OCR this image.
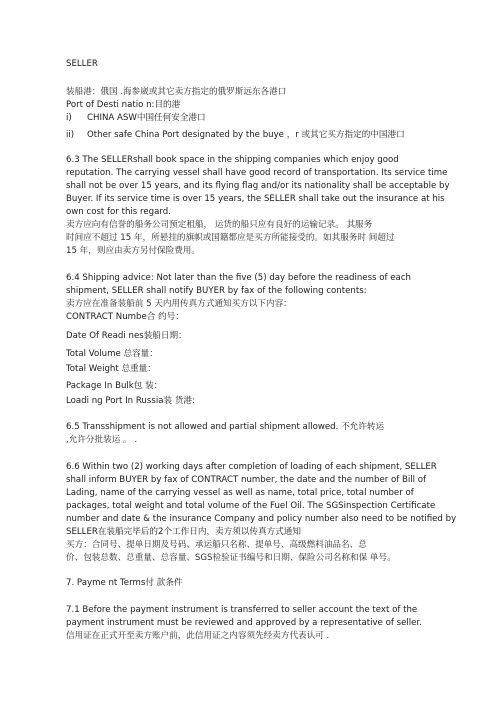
SELLER
装船港：俄国 .海参崴或其它卖方指定的俄罗斯远东各港口
Port of Desti natio n:目的港
i) CHINA ASW中国任何安全港口
ii) Other safe China Port designated by the buye ，r 或其它买方指定的中国港口
6.3 The SELLERshall book space in the shipping companies which enjoy good
reputation. The carrying vessel shall have good record of transportation. Its service time
shall not be over 15 years, and its flying flag and/or its nationality shall be acceptable by
Buyer. If its service time is over 15 years, the SELLER shall take out the insurance at his
own cost for this regard.
卖方应向有信誉的船务公司预定租船， 运货的船只应有良好的运输记录。 其服务
时间应不超过 15 年，所悬挂的旗帜或国籍都应是买方所能接受的。如其服务时 间超过
15 年，则应由卖方另付保险费用。
6.4 Shipping advice: Not later than the five (5) day before the readiness of each
shipment, SELLER shall notify BUYER by fax of the following contents:
卖方应在准备装船前 5 天内用传真方式通知买方以下内容：
CONTRACT Numbe合 约号：
Date Of Readi nes装船日期：
Total Volume 总容量：
Total Weight 总重量：
Package In Bulk包 装：
Loadi ng Port In Russia装 货港:
6.5 Transshipment is not allowed and partial shipment allowed. 不允许转运
,允许分批装运 。 .
6.6 Within two (2) working days after completion of loading of each shipment, SELLER
shall inform BUYER by fax of CONTRACT number, the date and the number of Bill of
Lading, name of the carrying vessel as well as name, total price, total number of
packages, total weight and total volume of the Fuel Oil. The SGSinspection Certificate
number and date & the insurance Company and policy number also need to be notified by
SELLER在装船完毕后的2个工作日内，卖方须以传真方式通知
买方：合同号、提单日期及号码、承运船只名称、提单号、高级燃料油品名、总
价、包装总数、总重量、总容量、SGS检验证书编号和日期、保险公司名称和保 单号。
7. Payme nt Terms付 款条件
7.1 Before the payment instrument is transferred to seller account the text of the
payment instrument must be reviewed and approved by a representative of seller.
信用证在正式开至卖方账户前，此信用证之内容须先经卖方代表认可 .
